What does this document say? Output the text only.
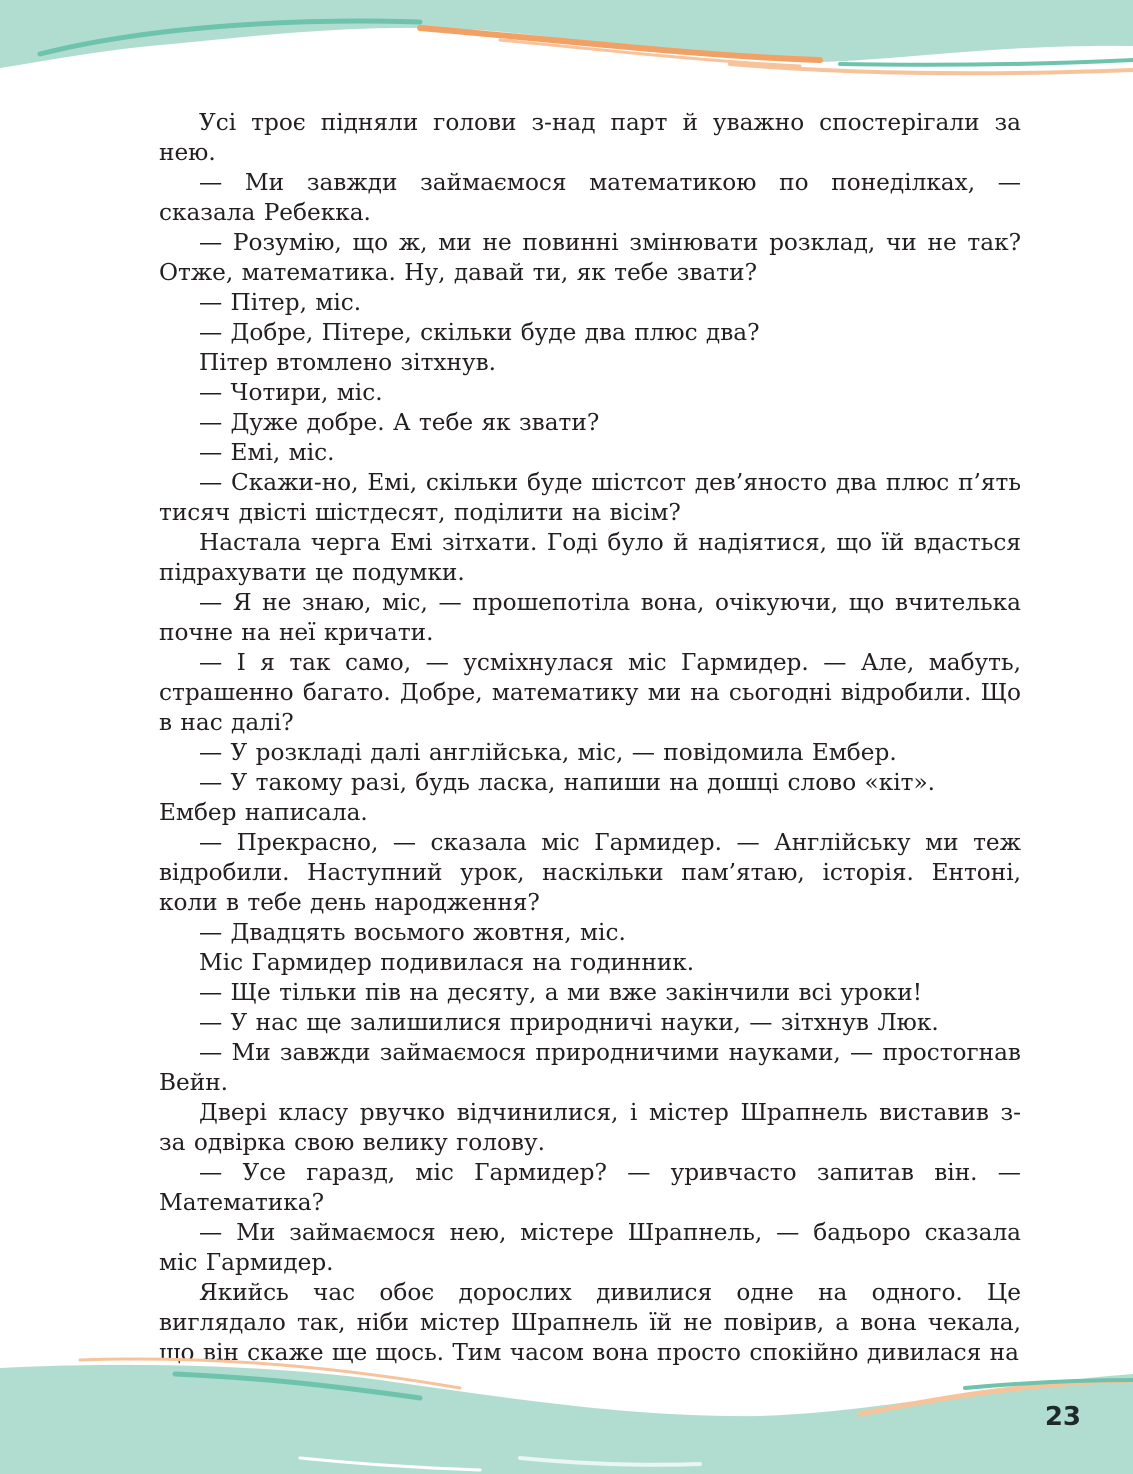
Усі троє підняли голови з-над парт й уважно спостерігали за нею.

— Ми завжди займаємося математикою по понеділках, — сказала Ребекка.

— Розумію, що ж, ми не повинні змінювати розклад, чи не так? Отже, математика. Ну, давай ти, як тебе звати?

— Пітер, міс.

— Добре, Пітере, скільки буде два плюс два?

Пітер втомлено зітхнув.

— Чотири, міс.

— Дуже добре. А тебе як звати?

— Емі, міс.

— Скажи-но, Емі, скільки буде шістсот дев’яносто два плюс п’ять тисяч двісті шістдесят, поділити на вісім?

Настала черга Емі зітхати. Годі було й надіятися, що їй вдасться підрахувати це подумки.

— Я не знаю, міс, — прошепотіла вона, очікуючи, що вчителька почне на неї кричати.

— І я так само, — усміхнулася міс Гармидер. — Але, мабуть, страшенно багато. Добре, математику ми на сьогодні відробили. Що в нас далі?

— У розкладі далі англійська, міс, — повідомила Ембер.

— У такому разі, будь ласка, напиши на дошці слово «кіт».

Ембер написала.

— Прекрасно, — сказала міс Гармидер. — Англійську ми теж відробили. Наступний урок, наскільки пам’ятаю, історія. Ентоні, коли в тебе день народження?

— Двадцять восьмого жовтня, міс.

Міс Гармидер подивилася на годинник.

— Ще тільки пів на десяту, а ми вже закінчили всі уроки!

— У нас ще залишилися природничі науки, — зітхнув Люк.

— Ми завжди займаємося природничими науками, — простогнав Вейн.

Двері класу рвучко відчинилися, і містер Шрапнель виставив з-за одвірка свою велику голову.

— Усе гаразд, міс Гармидер? — уривчасто запитав він. — Математика?

— Ми займаємося нею, містере Шрапнель, — бадьоро сказала міс Гармидер.

Якийсь час обоє дорослих дивилися одне на одного. Це виглядало так, ніби містер Шрапнель їй не повірив, а вона чекала, що він скаже ще щось. Тим часом вона просто спокійно дивилася на

23
